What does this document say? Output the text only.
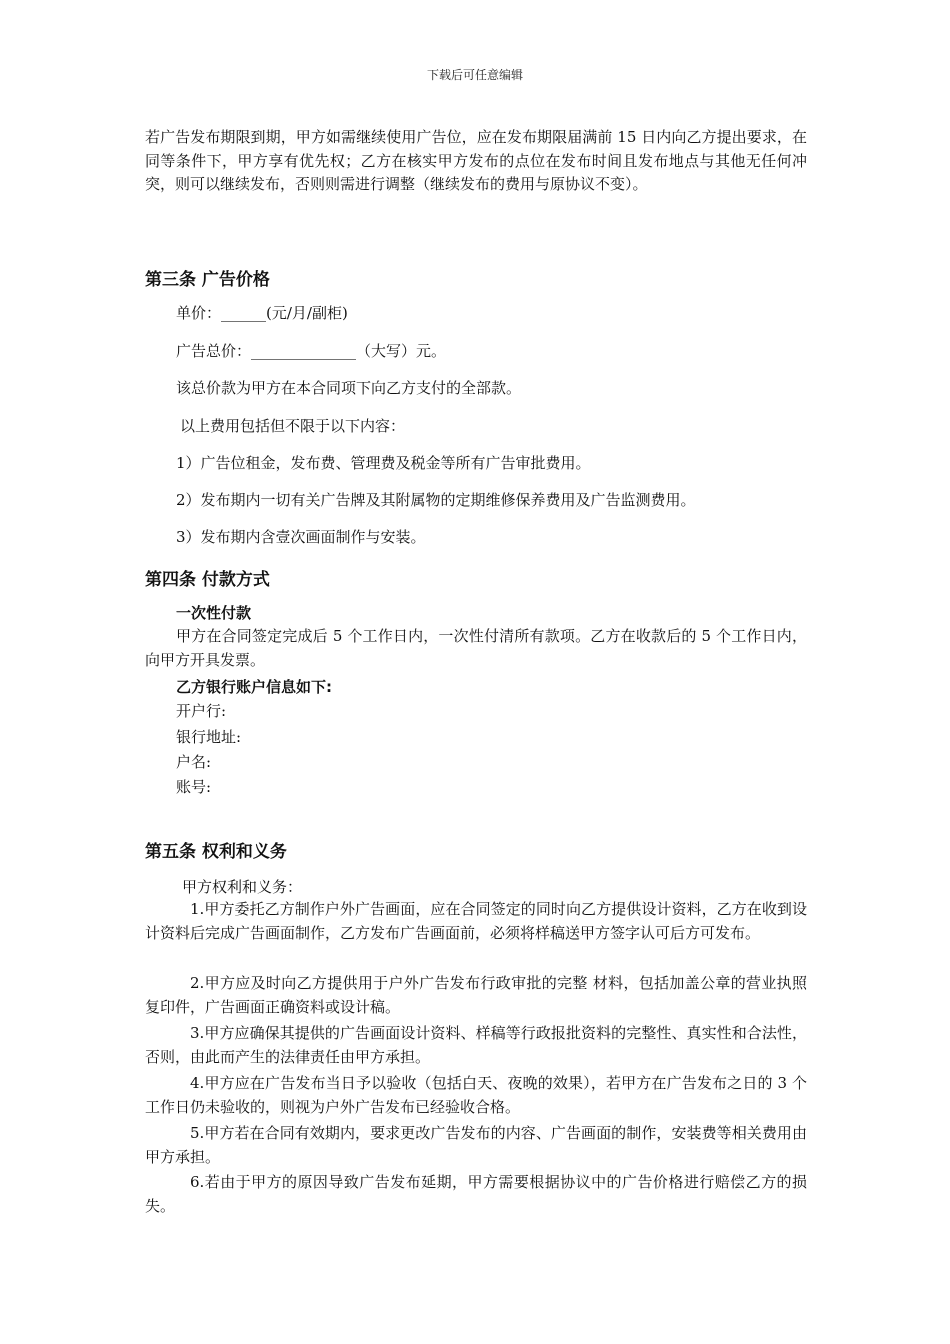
下载后可任意编辑

若广告发布期限到期，甲方如需继续使用广告位，应在发布期限届满前 15 日内向乙方提出要求，在同等条件下，甲方享有优先权；乙方在核实甲方发布的点位在发布时间且发布地点与其他无任何冲突，则可以继续发布，否则则需进行调整（继续发布的费用与原协议不变）。

第三条 广告价格

单价：______(元/月/副柜)

广告总价：______________（大写）元。

该总价款为甲方在本合同项下向乙方支付的全部款。

以上费用包括但不限于以下内容：

1）广告位租金，发布费、管理费及税金等所有广告审批费用。

2）发布期内一切有关广告牌及其附属物的定期维修保养费用及广告监测费用。

3）发布期内含壹次画面制作与安装。

第四条 付款方式

一次性付款

甲方在合同签定完成后 5 个工作日内，一次性付清所有款项。乙方在收款后的 5 个工作日内，向甲方开具发票。

乙方银行账户信息如下:

开户行:

银行地址:

户名:

账号:

第五条 权利和义务

甲方权利和义务：

1.甲方委托乙方制作户外广告画面，应在合同签定的同时向乙方提供设计资料，乙方在收到设计资料后完成广告画面制作，乙方发布广告画面前，必须将样稿送甲方签字认可后方可发布。

2.甲方应及时向乙方提供用于户外广告发布行政审批的完整 材料，包括加盖公章的营业执照复印件，广告画面正确资料或设计稿。

3.甲方应确保其提供的广告画面设计资料、样稿等行政报批资料的完整性、真实性和合法性，否则，由此而产生的法律责任由甲方承担。

4.甲方应在广告发布当日予以验收（包括白天、夜晚的效果），若甲方在广告发布之日的 3 个工作日仍未验收的，则视为户外广告发布已经验收合格。

5.甲方若在合同有效期内，要求更改广告发布的内容、广告画面的制作，安装费等相关费用由甲方承担。

6.若由于甲方的原因导致广告发布延期，甲方需要根据协议中的广告价格进行赔偿乙方的损失。
